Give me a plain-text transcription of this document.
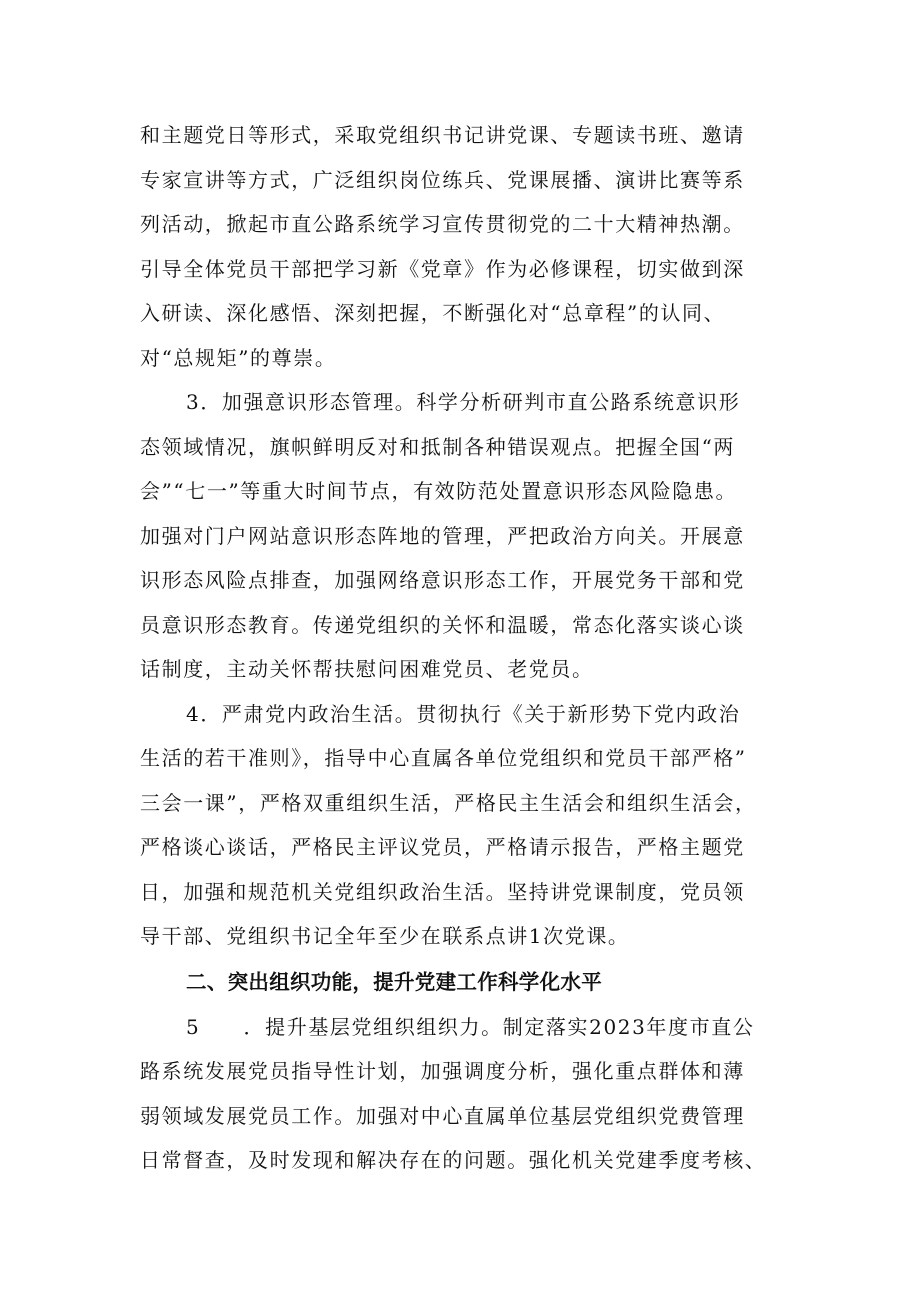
和主题党日等形式，采取党组织书记讲党课、专题读书班、邀请
专家宣讲等方式，广泛组织岗位练兵、党课展播、演讲比赛等系
列活动，掀起市直公路系统学习宣传贯彻党的二十大精神热潮。
引导全体党员干部把学习新《党章》作为必修课程，切实做到深
入研读、深化感悟、深刻把握，不断强化对“总章程”的认同、
对“总规矩”的尊崇。
3．加强意识形态管理。科学分析研判市直公路系统意识形
态领域情况，旗帜鲜明反对和抵制各种错误观点。把握全国“两
会”“七一”等重大时间节点，有效防范处置意识形态风险隐患。
加强对门户网站意识形态阵地的管理，严把政治方向关。开展意
识形态风险点排查，加强网络意识形态工作，开展党务干部和党
员意识形态教育。传递党组织的关怀和温暖，常态化落实谈心谈
话制度，主动关怀帮扶慰问困难党员、老党员。
4．严肃党内政治生活。贯彻执行《关于新形势下党内政治
生活的若干准则》，指导中心直属各单位党组织和党员干部严格”
三会一课”，严格双重组织生活，严格民主生活会和组织生活会，
严格谈心谈话，严格民主评议党员，严格请示报告，严格主题党
日，加强和规范机关党组织政治生活。坚持讲党课制度，党员领
导干部、党组织书记全年至少在联系点讲1次党课。
二、突出组织功能，提升党建工作科学化水平
5　　．提升基层党组织组织力。制定落实2023年度市直公
路系统发展党员指导性计划，加强调度分析，强化重点群体和薄
弱领域发展党员工作。加强对中心直属单位基层党组织党费管理
日常督查，及时发现和解决存在的问题。强化机关党建季度考核、
